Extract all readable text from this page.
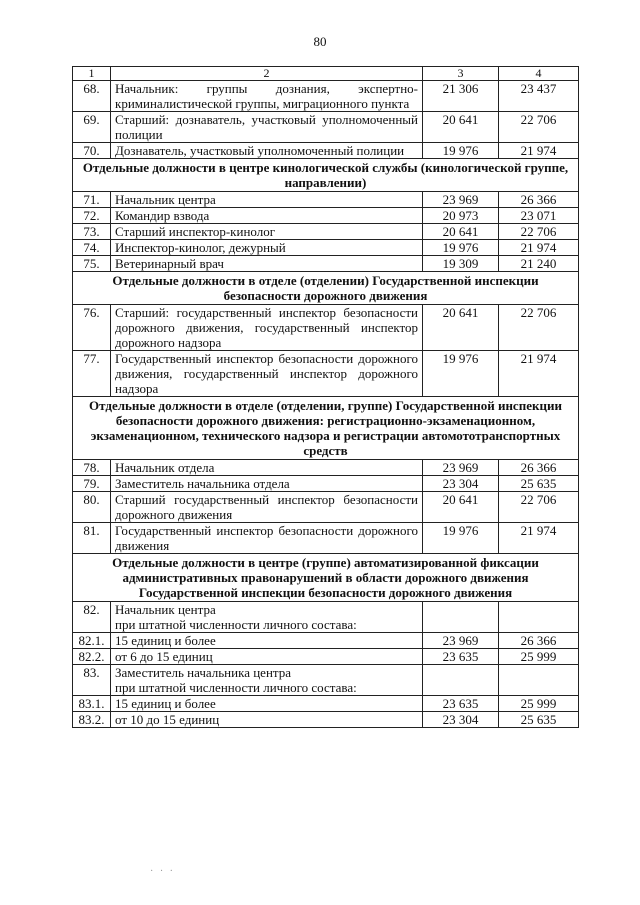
80
1	2	3	4
68.	Начальник: группы дознания, экспертно-криминалистической группы, миграционного пункта	21 306	23 437
69.	Старший: дознаватель, участковый уполномоченный полиции	20 641	22 706
70.	Дознаватель, участковый уполномоченный полиции	19 976	21 974
Отдельные должности в центре кинологической службы (кинологической группе, направлении)			
71.	Начальник центра	23 969	26 366
72.	Командир взвода	20 973	23 071
73.	Старший инспектор-кинолог	20 641	22 706
74.	Инспектор-кинолог, дежурный	19 976	21 974
75.	Ветеринарный врач	19 309	21 240
Отдельные должности в отделе (отделении) Государственной инспекции безопасности дорожного движения			
76.	Старший: государственный инспектор безопасности дорожного движения, государственный инспектор дорожного надзора	20 641	22 706
77.	Государственный инспектор безопасности дорожного движения, государственный инспектор дорожного надзора	19 976	21 974
Отдельные должности в отделе (отделении, группе) Государственной инспекции безопасности дорожного движения: регистрационно-экзаменационном, экзаменационном, технического надзора и регистрации автомототранспортных средств			
78.	Начальник отдела	23 969	26 366
79.	Заместитель начальника отдела	23 304	25 635
80.	Старший государственный инспектор безопасности дорожного движения	20 641	22 706
81.	Государственный инспектор безопасности дорожного движения	19 976	21 974
Отдельные должности в центре (группе) автоматизированной фиксации административных правонарушений в области дорожного движения Государственной инспекции безопасности дорожного движения			
82.	Начальник центра
при штатной численности личного состава:		
82.1.	15 единиц и более	23 969	26 366
82.2.	от 6 до 15 единиц	23 635	25 999
83.	Заместитель начальника центра
при штатной численности личного состава:		
83.1.	15 единиц и более	23 635	25 999
83.2.	от 10 до 15 единиц	23 304	25 635
· · ·
